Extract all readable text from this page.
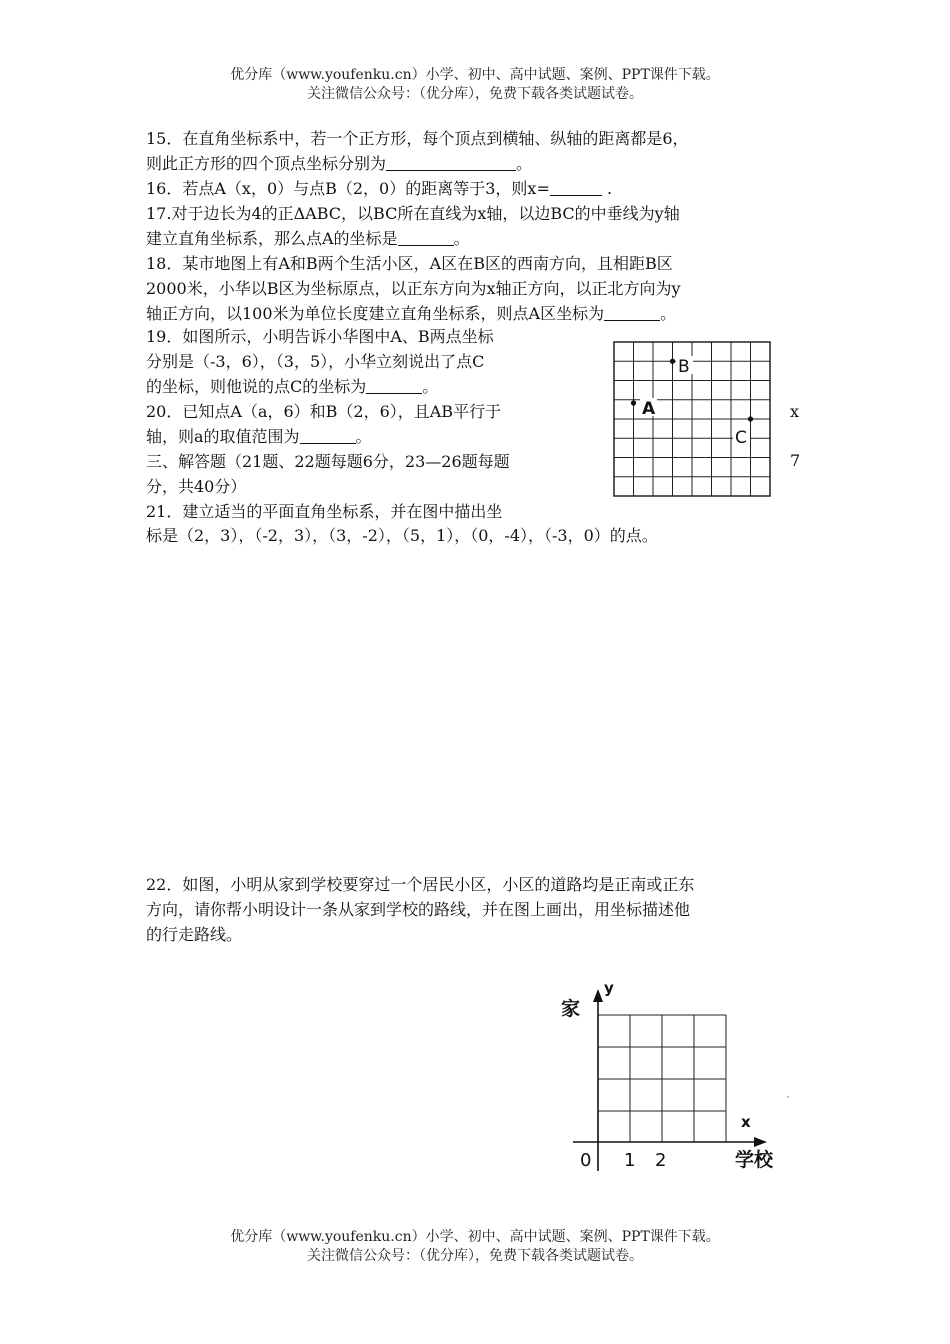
优分库（www.youfenku.cn）小学、初中、高中试题、案例、PPT课件下载。
关注微信公众号：（优分库），免费下载各类试题试卷。
15．在直角坐标系中，若一个正方形，每个顶点到横轴、纵轴的距离都是6，
则此正方形的四个顶点坐标分别为	。
16．若点A（x，0）与点B（2，0）的距离等于3，则x=	.
17.对于边长为4的正ΔABC，以BC所在直线为x轴，以边BC的中垂线为y轴
建立直角坐标系，那么点A的坐标是	。
18．某市地图上有A和B两个生活小区，A区在B区的西南方向，且相距B区
2000米，小华以B区为坐标原点，以正东方向为x轴正方向，以正北方向为y
轴正方向，以100米为单位长度建立直角坐标系，则点A区坐标为	。
19．如图所示，小明告诉小华图中A、B两点坐标
分别是（-3，6），（3，5），小华立刻说出了点C
的坐标，则他说的点C的坐标为	。
20．已知点A（a，6）和B（2，6），且AB平行于
轴，则a的取值范围为	。
三、解答题（21题、22题每题6分，23—26题每题
分，共40分）
21．建立适当的平面直角坐标系，并在图中描出坐
标是（2，3），（-2，3），（3，-2），（5，1），（0，-4），（-3，0）的点。
x
7
A
B
C
22．如图，小明从家到学校要穿过一个居民小区，小区的道路均是正南或正东
方向，请你帮小明设计一条从家到学校的路线，并在图上画出，用坐标描述他
的行走路线。
家
y
x
0 1 2	学校
优分库（www.youfenku.cn）小学、初中、高中试题、案例、PPT课件下载。
关注微信公众号：（优分库），免费下载各类试题试卷。
